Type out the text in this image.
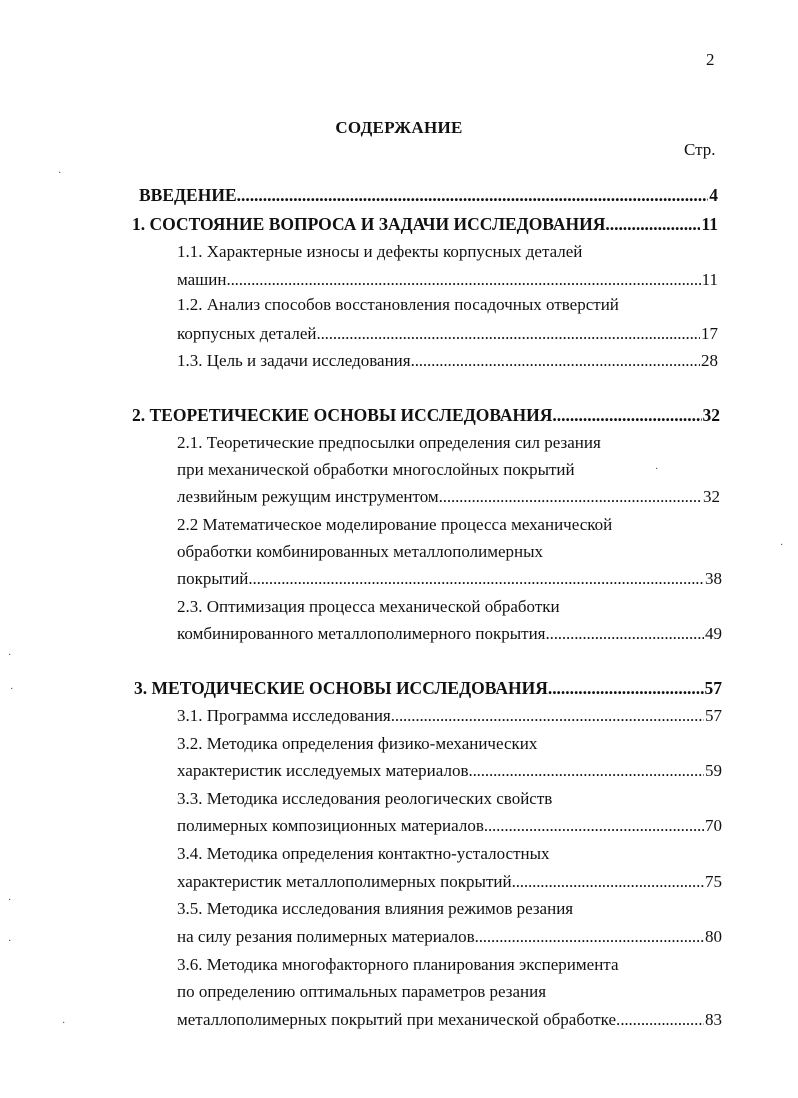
2
СОДЕРЖАНИЕ
Стр.
ВВЕДЕНИЕ . . .	4
1. СОСТОЯНИЕ ВОПРОСА И ЗАДАЧИ ИССЛЕДОВАНИЯ . . .	11
1.1. Характерные износы и дефекты корпусных деталей
машин . . .	11
1.2. Анализ способов восстановления посадочных отверстий
корпусных деталей . . .	17
1.3. Цель и задачи исследования . . .	28
2. ТЕОРЕТИЧЕСКИЕ ОСНОВЫ ИССЛЕДОВАНИЯ . . .	32
2.1. Теоретические предпосылки определения сил резания
при механической обработки многослойных покрытий
лезвийным режущим инструментом . . .	32
2.2 Математическое моделирование процесса механической
обработки комбинированных металлополимерных
покрытий . . .	38
2.3. Оптимизация процесса механической обработки
комбинированного металлополимерного покрытия . . .	49
3. МЕТОДИЧЕСКИЕ ОСНОВЫ ИССЛЕДОВАНИЯ . . .	57
3.1. Программа исследования . . .	57
3.2. Методика определения физико-механических
характеристик исследуемых материалов . . .	59
3.3. Методика исследования реологических свойств
полимерных композиционных материалов . . .	70
3.4. Методика определения контактно-усталостных
характеристик металлополимерных покрытий . . .	75
3.5. Методика исследования влияния режимов резания
на силу резания полимерных материалов . . .	80
3.6. Методика многофакторного планирования эксперимента
по определению оптимальных параметров резания
металлополимерных покрытий при механической обработке. . . .	83
·
·
·
·
·
·
·
·
